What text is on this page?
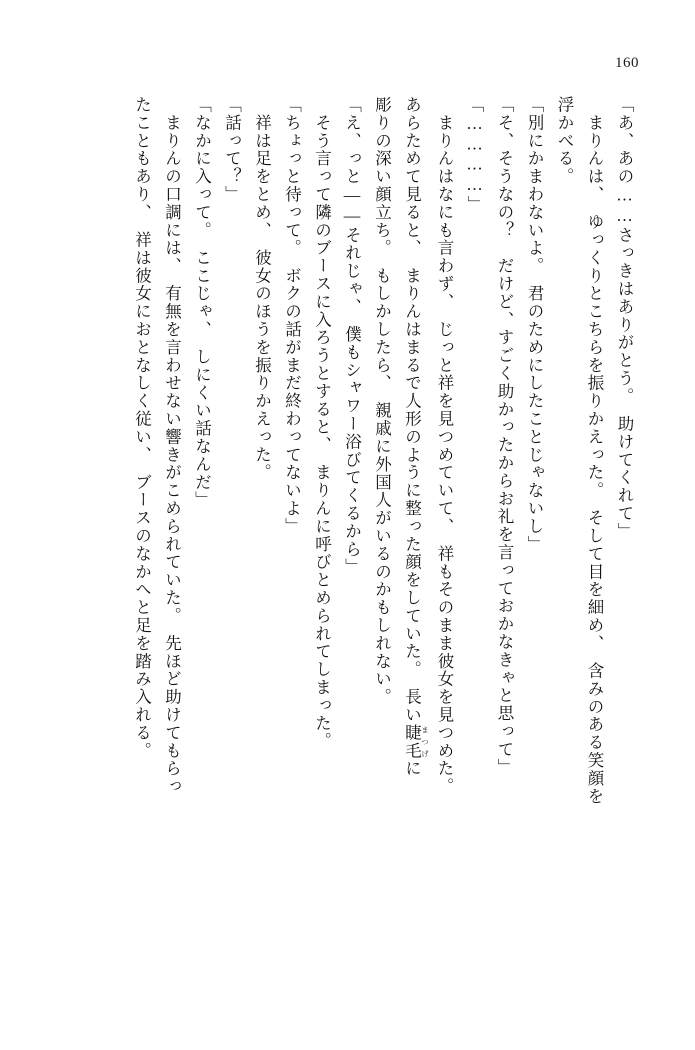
160
「あ、あの……さっきはありがとう。　助けてくれて」
　まりんは、　ゆっくりとこちらを振りかえった。　そして目を細め、　含みのある笑顔を
浮かべる。
「別にかまわないよ。　君のためにしたことじゃないし」
「そ、そうなの？　だけど、すごく助かったからお礼を言っておかなきゃと思って」
「…………」
　まりんはなにも言わず、　じっと祥を見つめていて、　祥もそのまま彼女を見つめた。
あらためて見ると、　まりんはまるで人形のように整った顔をしていた。　長い睫毛 まつげに
彫りの深い顔立ち。　もしかしたら、　親戚に外国人がいるのかもしれない。
「え、っと――それじゃ、　僕もシャワー浴びてくるから」
　そう言って隣のブースに入ろうとすると、　まりんに呼びとめられてしまった。
「ちょっと待って。　ボクの話がまだ終わってないよ」
　祥は足をとめ、　彼女のほうを振りかえった。
「話って？」
「なかに入って。　ここじゃ、　しにくい話なんだ」
　まりんの口調には、　有無を言わせない響きがこめられていた。　先ほど助けてもらっ
たこともあり、　祥は彼女におとなしく従い、　ブースのなかへと足を踏み入れる。
